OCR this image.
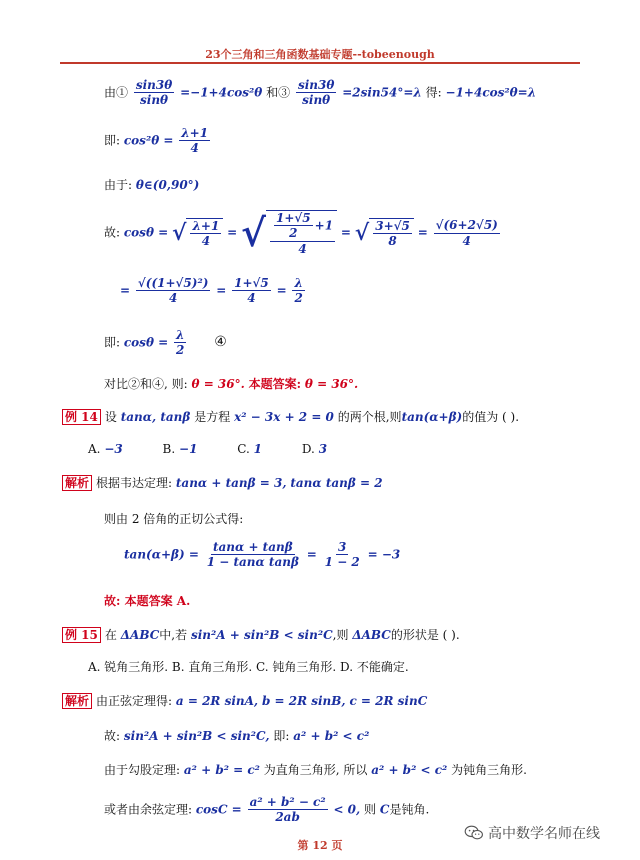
23个三角和三角函数基础专题--tobeenough
由① $\frac{\sin 3\theta}{\sin\theta} =-1+4\cos^2\theta$ 和③ $\frac{\sin 3\theta}{\sin\theta} =2\sin 54^\circ=\lambda$ 得: −1+4cos²θ=λ
即: $\cos^2\theta = \frac{\lambda+1}{4}$
由于: θ∈(0,90°)
故: cosθ = √ $\frac{\lambda+1}{4}$ = √ $\frac{\frac{1+√5}{2} +1}{4}$ = √ $\frac{3+√5}{8} = \frac{√(6+2√5)}{4}$
= $\frac{\text{√((1+√5)²)}}{4} = \frac{1+√5}{4} = \frac{\lambda}{2}$
即: $\cos\theta = \frac{\lambda}{2}$ ④
对比②和④, 则: θ = 36°. 本题答案: θ = 36°.
例 14 设 tanα, tanβ 是方程 x² − 3x + 2 = 0 的两个根,则tan(α+β)的值为 ( ).
A. −3	B. −1	C. 1	D. 3
解析 根据韦达定理: tanα + tanβ = 3, tanα tanβ = 2
则由 2 倍角的正切公式得:
$\tan(\alpha+\beta) = \frac{\tan\alpha + \tan\beta}{\text{1 − tanα tanβ}} = \frac{3}{1 - 2} = -3$
故: 本题答案 A.
例 15 在 ΔABC中,若 sin²A + sin²B < sin²C,则 ΔABC的形状是 ( ).
A. 锐角三角形. B. 直角三角形. C. 钝角三角形. D. 不能确定.
解析 由正弦定理得: a = 2R sinA, b = 2R sinB, c = 2R sinC
故: sin²A + sin²B < sin²C, 即: a² + b² < c²
由于勾股定理: a² + b² = c² 为直角三角形, 所以 a² + b² < c² 为钝角三角形.
或者由余弦定理: $\cos C = \frac{\text{a² + b² − c²}}{2ab} < 0$, 则 C是钝角.
第 12 页
高中数学名师在线
